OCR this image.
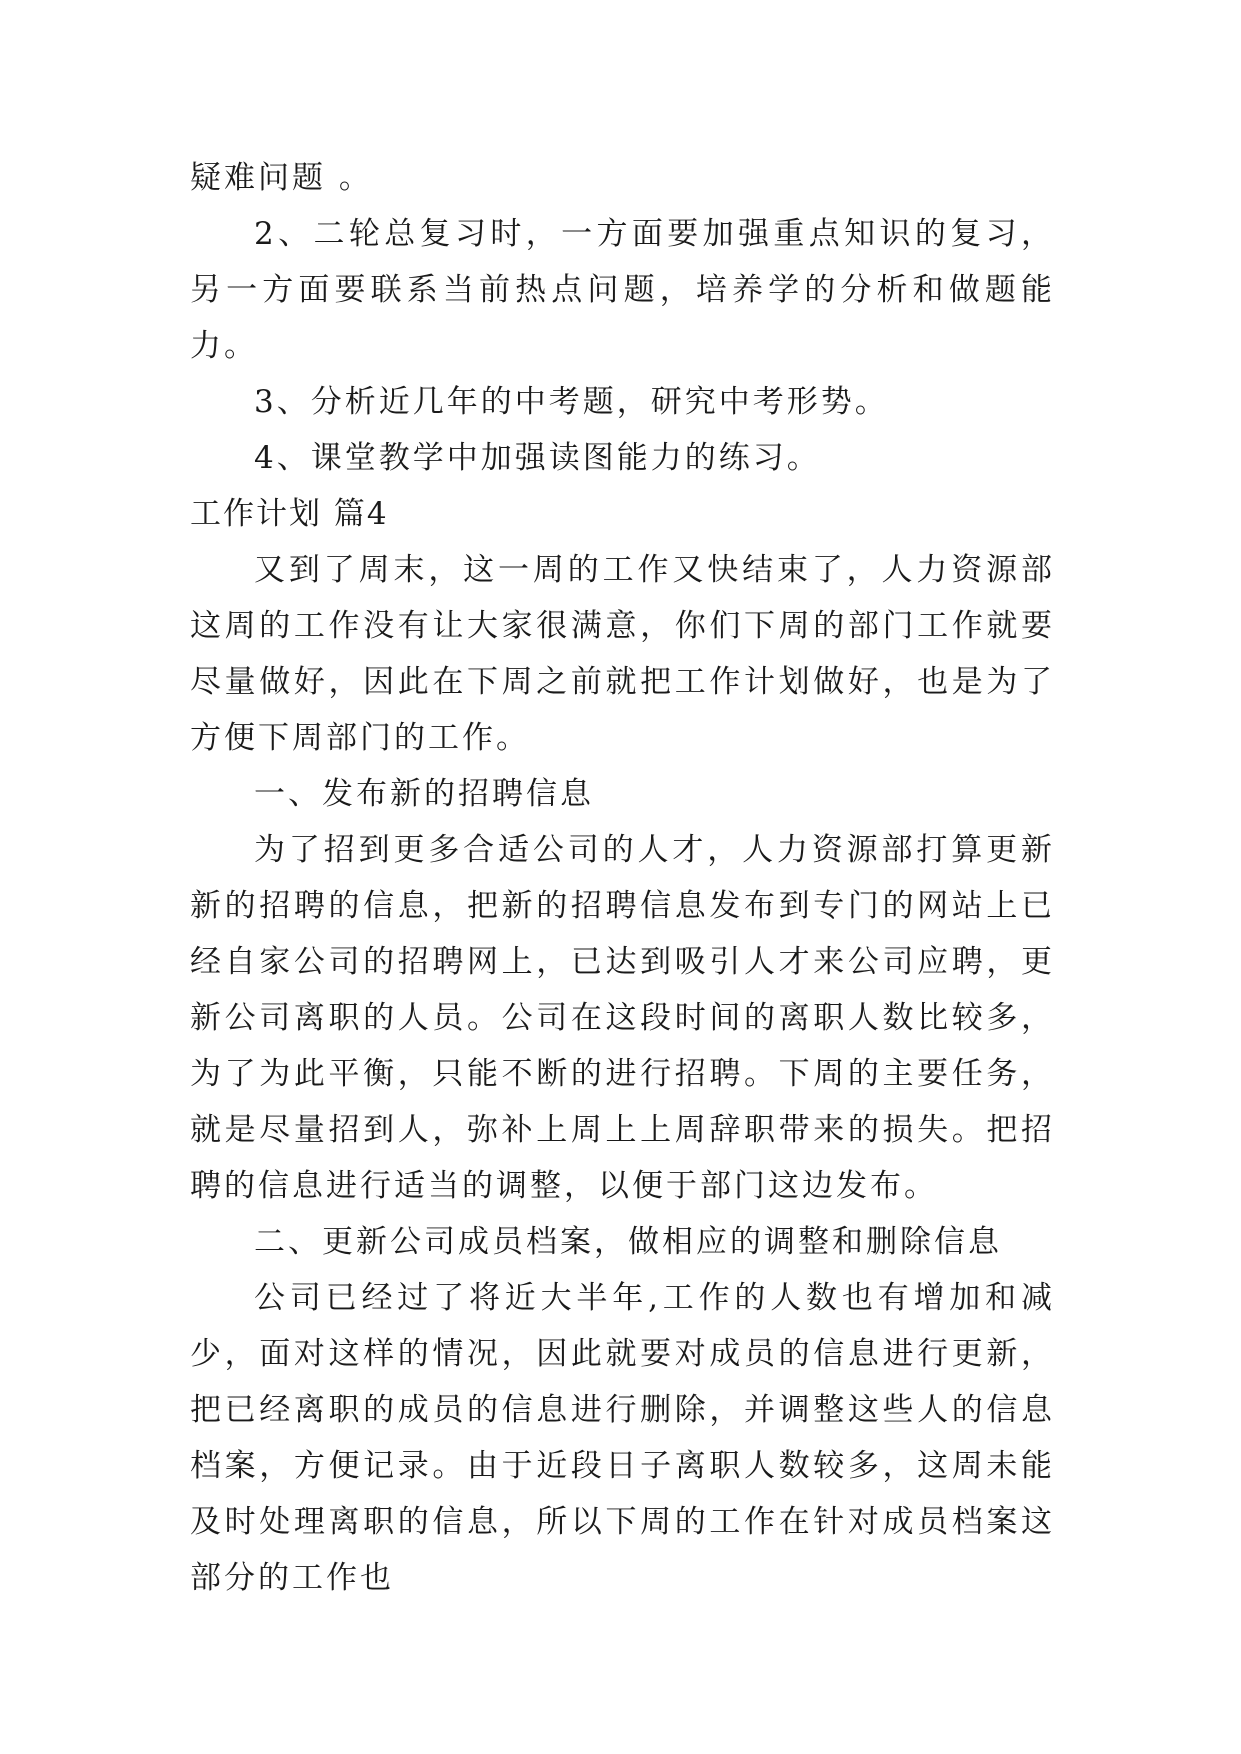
疑难问题 。

2、二轮总复习时，一方面要加强重点知识的复习，另一方面要联系当前热点问题，培养学的分析和做题能力。

3、分析近几年的中考题，研究中考形势。

4、课堂教学中加强读图能力的练习。

工作计划 篇4

又到了周末，这一周的工作又快结束了，人力资源部这周的工作没有让大家很满意，你们下周的部门工作就要尽量做好，因此在下周之前就把工作计划做好，也是为了方便下周部门的工作。

一、发布新的招聘信息

为了招到更多合适公司的人才，人力资源部打算更新新的招聘的信息，把新的招聘信息发布到专门的网站上已经自家公司的招聘网上，已达到吸引人才来公司应聘，更新公司离职的人员。公司在这段时间的离职人数比较多，为了为此平衡，只能不断的进行招聘。下周的主要任务，就是尽量招到人，弥补上周上上周辞职带来的损失。把招聘的信息进行适当的调整，以便于部门这边发布。

二、更新公司成员档案，做相应的调整和删除信息

公司已经过了将近大半年,工作的人数也有增加和减少，面对这样的情况，因此就要对成员的信息进行更新，把已经离职的成员的信息进行删除，并调整这些人的信息档案，方便记录。由于近段日子离职人数较多，这周未能及时处理离职的信息，所以下周的工作在针对成员档案这部分的工作也
